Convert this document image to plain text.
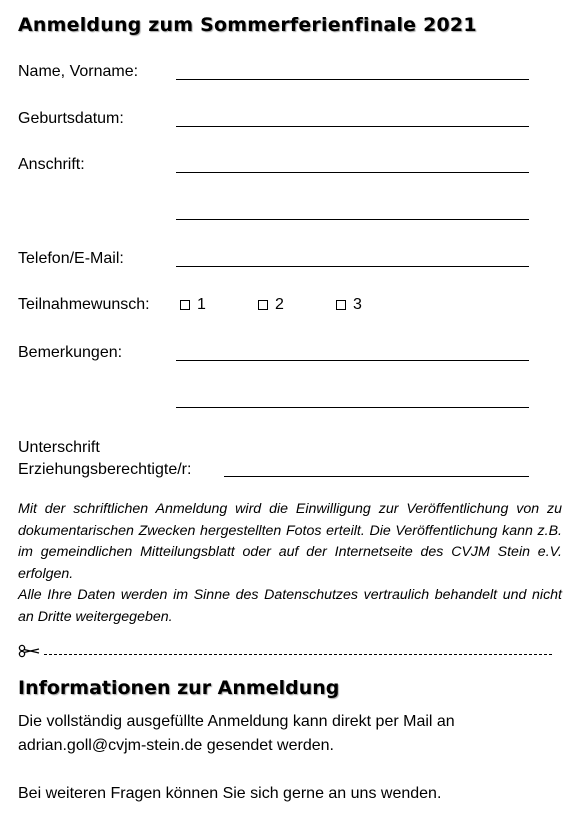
Anmeldung zum Sommerferienfinale 2021
Name, Vorname:
Geburtsdatum:
Anschrift:
Telefon/E-Mail:
Teilnahmewunsch:	1	2	3
Bemerkungen:
Unterschrift
Erziehungsberechtigte/r:
Mit der schriftlichen Anmeldung wird die Einwilligung zur Veröffentlichung von zu dokumentarischen Zwecken hergestellten Fotos erteilt. Die Veröffentlichung kann z.B. im gemeindlichen Mitteilungsblatt oder auf der Internetseite des CVJM Stein e.V. erfolgen.
Alle Ihre Daten werden im Sinne des Datenschutzes vertraulich behandelt und nicht an Dritte weitergegeben.
Informationen zur Anmeldung
Die vollständig ausgefüllte Anmeldung kann direkt per Mail an
adrian.goll@cvjm-stein.de gesendet werden.
Bei weiteren Fragen können Sie sich gerne an uns wenden.
